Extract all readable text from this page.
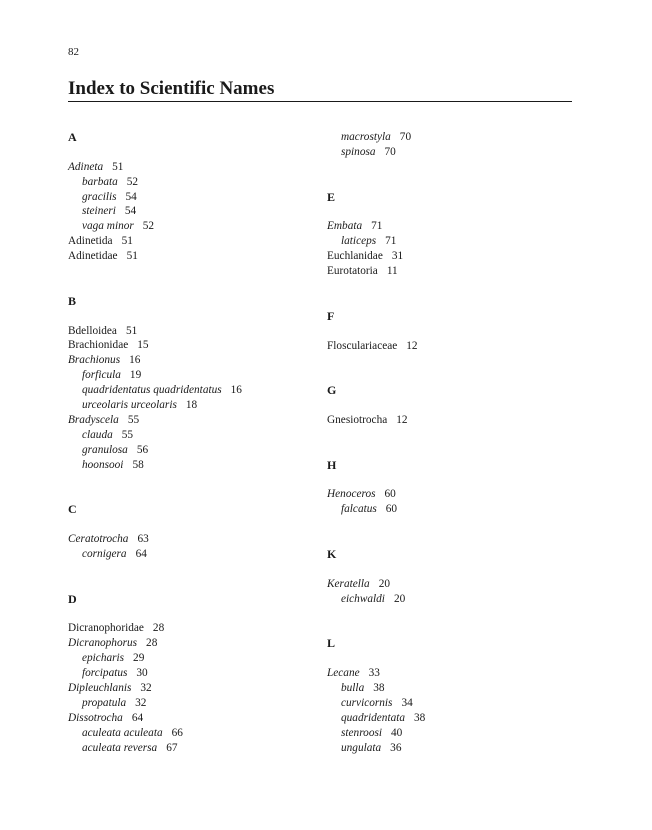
82
Index to Scientific Names
A
Adineta 51
barbata 52
gracilis 54
steineri 54
vaga minor 52
Adinetida 51
Adinetidae 51
B
Bdelloidea 51
Brachionidae 15
Brachionus 16
forficula 19
quadridentatus quadridentatus 16
urceolaris urceolaris 18
Bradyscela 55
clauda 55
granulosa 56
hoonsooi 58
C
Ceratotrocha 63
cornigera 64
D
Dicranophoridae 28
Dicranophorus 28
epicharis 29
forcipatus 30
Dipleuchlanis 32
propatula 32
Dissotrocha 64
aculeata aculeata 66
aculeata reversa 67
macrostyla 70
spinosa 70
E
Embata 71
laticeps 71
Euchlanidae 31
Eurotatoria 11
F
Flosculariaceae 12
G
Gnesiotrocha 12
H
Henoceros 60
falcatus 60
K
Keratella 20
eichwaldi 20
L
Lecane 33
bulla 38
curvicornis 34
quadridentata 38
stenroosi 40
ungulata 36
